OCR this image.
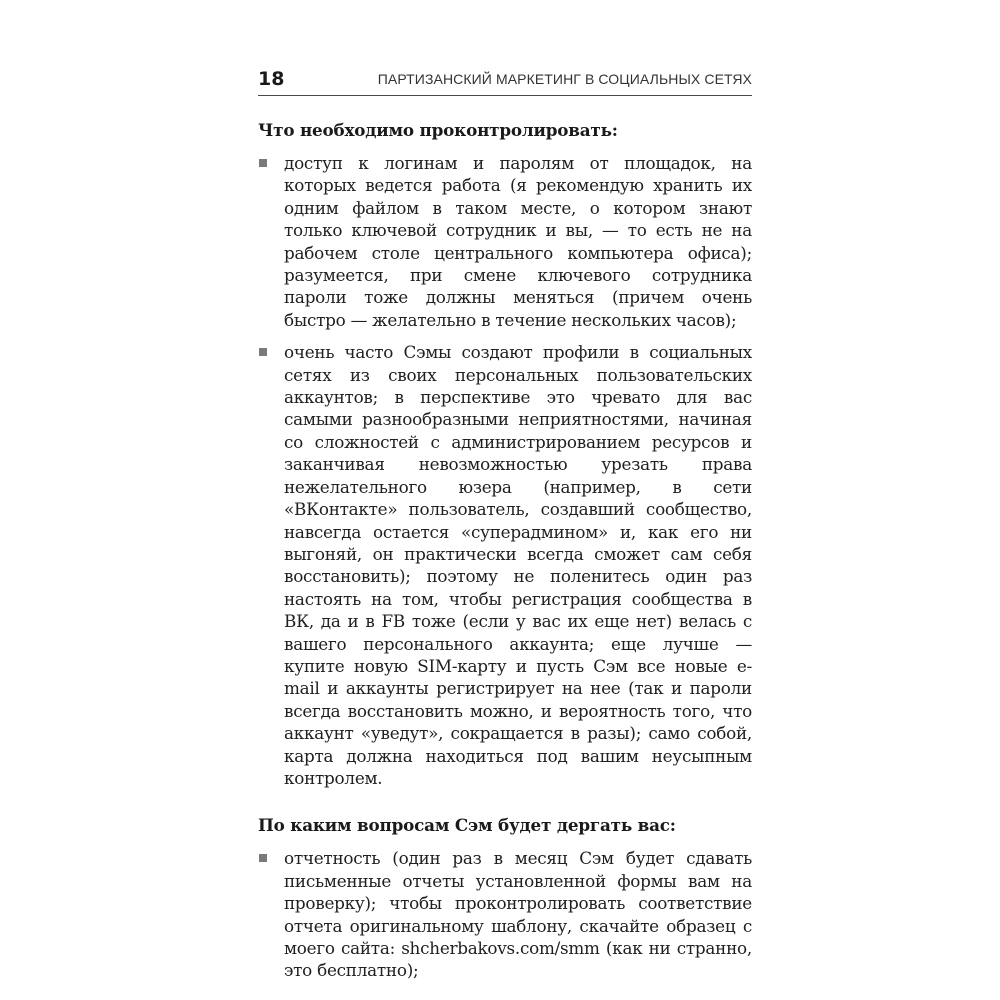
18	ПАРТИЗАНСКИЙ МАРКЕТИНГ В СОЦИАЛЬНЫХ СЕТЯХ
Что необходимо проконтролировать:
доступ к логинам и паролям от площадок, на которых ведется работа (я рекомендую хранить их одним файлом в таком месте, о котором знают только ключевой сотрудник и вы, — то есть не на рабочем столе центрального компьютера офиса); разумеется, при смене ключевого сотрудника пароли тоже должны меняться (причем очень быстро — желательно в течение нескольких часов);
очень часто Сэмы создают профили в социальных сетях из своих персональных пользовательских аккаунтов; в перспективе это чревато для вас самыми разнообразными неприятностями, начиная со сложностей с администрированием ресурсов и заканчивая невозможностью урезать права нежелательного юзера (например, в сети «ВКонтакте» пользователь, создавший сообщество, навсегда остается «суперадмином» и, как его ни выгоняй, он практически всегда сможет сам себя восстановить); поэтому не поленитесь один раз настоять на том, чтобы регистрация сообщества в ВК, да и в FB тоже (если у вас их еще нет) велась с вашего персонального аккаунта; еще лучше — купите новую SIM-карту и пусть Сэм все новые e-mail и аккаунты регистрирует на нее (так и пароли всегда восстановить можно, и вероятность того, что аккаунт «уведут», сокращается в разы); само собой, карта должна находиться под вашим неусыпным контролем.
По каким вопросам Сэм будет дергать вас:
отчетность (один раз в месяц Сэм будет сдавать письменные отчеты установленной формы вам на проверку); чтобы проконтролировать соответствие отчета оригинальному шаблону, скачайте образец с моего сайта: shcherbakovs.com/smm (как ни странно, это бесплатно);
